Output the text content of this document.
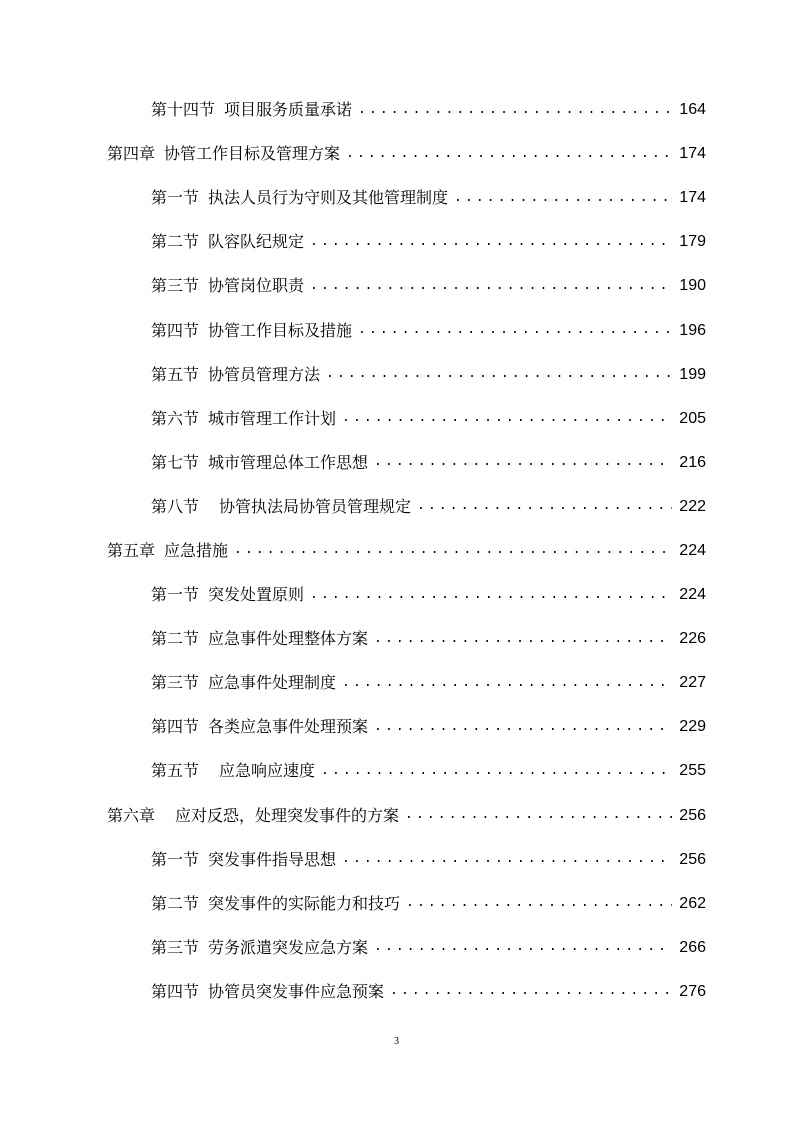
第十四节 项目服务质量承诺 .....	164
第四章 协管工作目标及管理方案 .....	174
第一节 执法人员行为守则及其他管理制度 .....	174
第二节 队容队纪规定 .....	179
第三节 协管岗位职责 .....	190
第四节 协管工作目标及措施 .....	196
第五节 协管员管理方法 .....	199
第六节 城市管理工作计划 .....	205
第七节 城市管理总体工作思想 .....	216
第八节 协管执法局协管员管理规定 .....	222
第五章 应急措施 .....	224
第一节 突发处置原则 .....	224
第二节 应急事件处理整体方案 .....	226
第三节 应急事件处理制度 .....	227
第四节 各类应急事件处理预案 .....	229
第五节 应急响应速度 .....	255
第六章 应对反恐，处理突发事件的方案 .....	256
第一节 突发事件指导思想 .....	256
第二节 突发事件的实际能力和技巧 .....	262
第三节 劳务派遣突发应急方案 .....	266
第四节 协管员突发事件应急预案 .....	276
3
